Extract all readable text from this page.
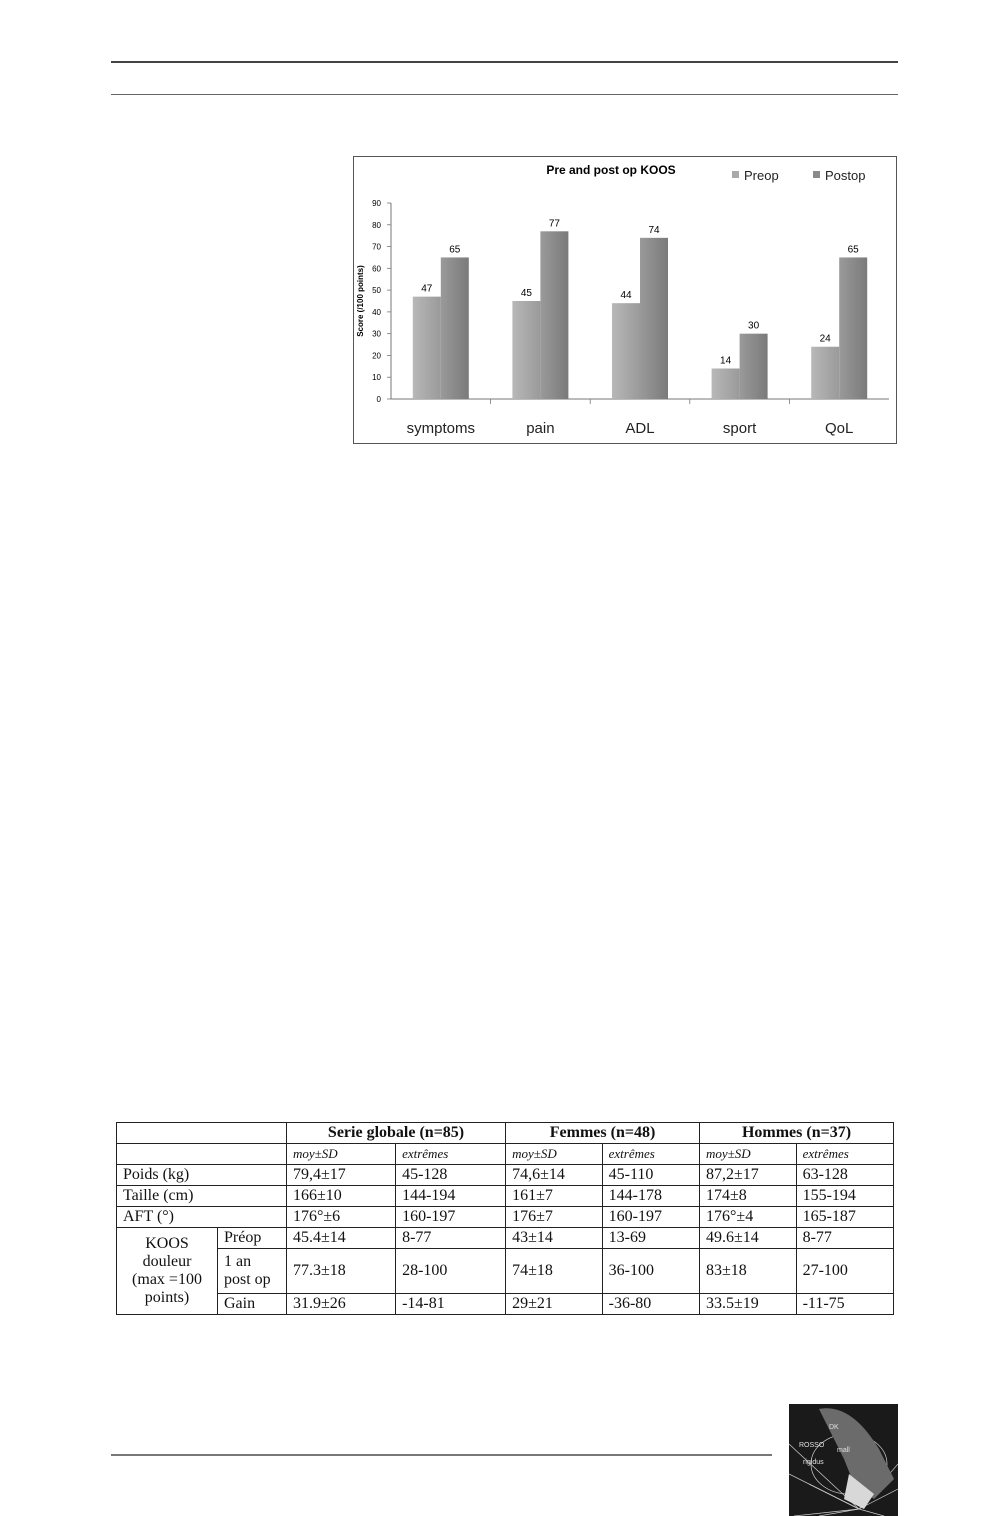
Pre and post op KOOS	Preop	Postop
Score (/100 points)
0
10
20
30
40
50
60
70
80
90
47
65
symptoms
45
77
pain
44
74
ADL
14
30
sport
24
65
QoL
		Serie globale (n=85)		Femmes (n=48)		Hommes (n=37)	
		moy±SD	extrêmes	moy±SD	extrêmes	moy±SD	extrêmes
Poids (kg)		79,4±17	45-128	74,6±14	45-110	87,2±17	63-128
Taille (cm)		166±10	144-194	161±7	144-178	174±8	155-194
AFT (°)		176°±6	160-197	176±7	160-197	176°±4	165-187

KOOS
douleur
(max =100
points)	Préop	45.4±14	8-77	43±14	13-69	49.6±14	8-77
	1 an post op	77.3±18	28-100	74±18	36-100	83±18	27-100
	Gain	31.9±26	-14-81	29±21	-36-80	33.5±19	-11-75
ROSSO
mall
rigidus
DK
